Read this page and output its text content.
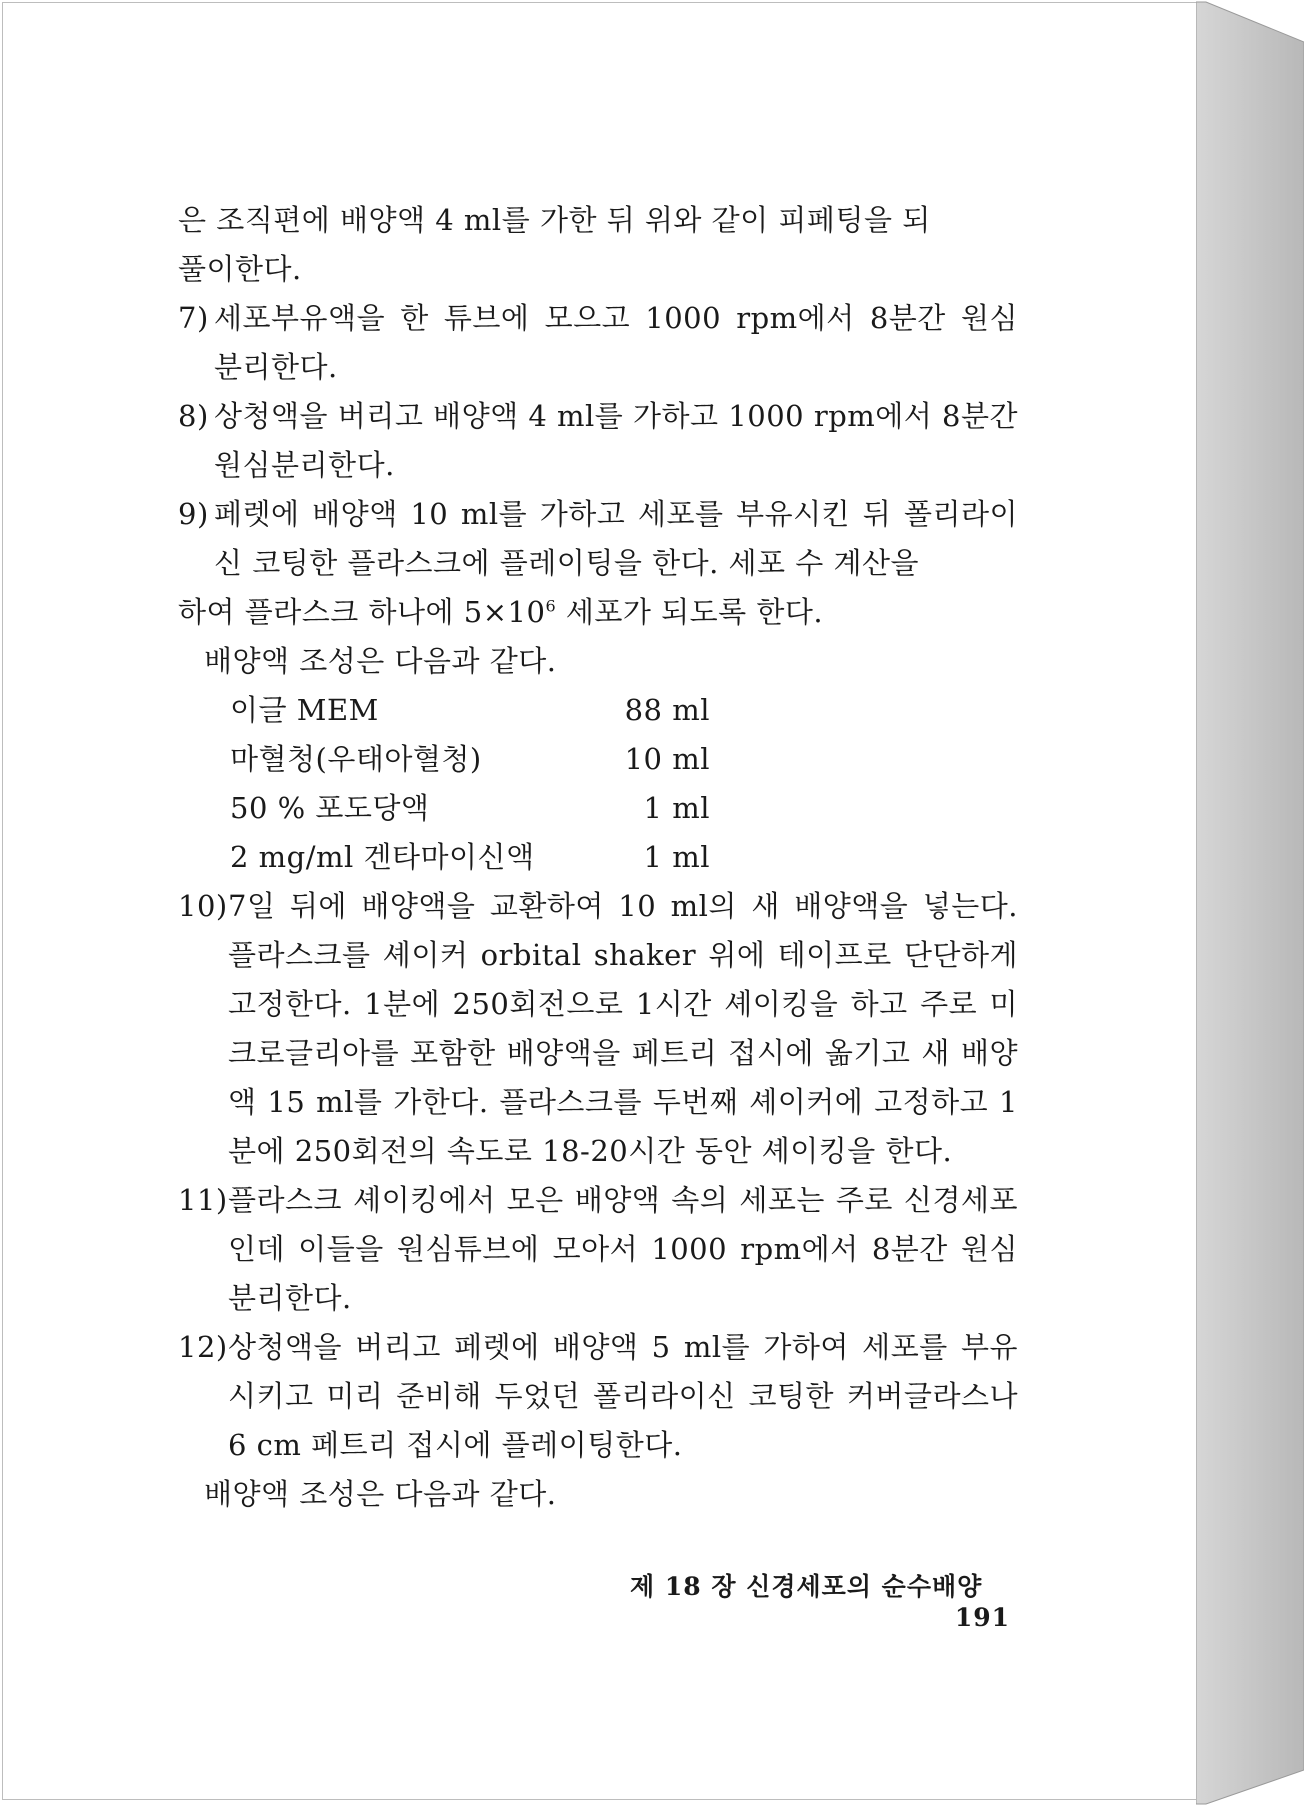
은 조직편에 배양액 4 ml를 가한 뒤 위와 같이 피페팅을 되

풀이한다.

7) 세포부유액을 한 튜브에 모으고 1000 rpm에서 8분간 원심 분리한다.
8) 상청액을 버리고 배양액 4 ml를 가하고 1000 rpm에서 8분간 원심분리한다.
9) 페렛에 배양액 10 ml를 가하고 세포를 부유시킨 뒤 폴리라이신 코팅한 플라스크에 플레이팅을 한다. 세포 수 계산을

하여 플라스크 하나에 $5\times 10^6$ 세포가 되도록 한다.

배양액 조성은 다음과 같다.

이글 MEM	88 ml
마혈청(우태아혈청)	10 ml
50 % 포도당액	1 ml
2 mg/ml 겐타마이신액	1 ml
10) 7일 뒤에 배양액을 교환하여 10 ml의 새 배양액을 넣는다. 플라스크를 셰이커 orbital shaker 위에 테이프로 단단하게 고정한다. 1분에 250회전으로 1시간 셰이킹을 하고 주로 미크로글리아를 포함한 배양액을 페트리 접시에 옮기고 새 배양액 15 ml를 가한다. 플라스크를 두번째 셰이커에 고정하고 1분에 250회전의 속도로 18-20시간 동안 셰이킹을 한다.
11) 플라스크 셰이킹에서 모은 배양액 속의 세포는 주로 신경세포인데 이들을 원심튜브에 모아서 1000 rpm에서 8분간 원심분리한다.
12) 상청액을 버리고 페렛에 배양액 5 ml를 가하여 세포를 부유시키고 미리 준비해 두었던 폴리라이신 코팅한 커버글라스나 6 cm 페트리 접시에 플레이팅한다.

배양액 조성은 다음과 같다.

제 18 장 신경세포의 순수배양  191
